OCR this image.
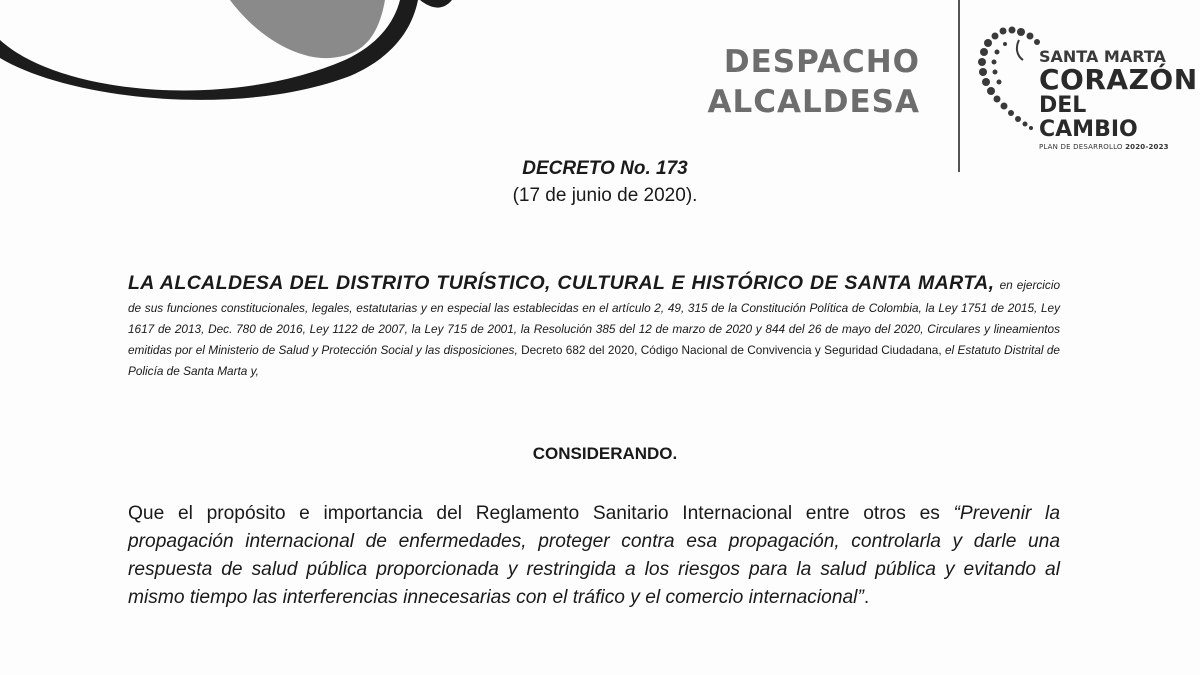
DESPACHO
ALCALDESA
SANTA MARTA
CORAZÓN
DEL CAMBIO
PLAN DE DESARROLLO 2020-2023
DECRETO No. 173
(17 de junio de 2020).
LA ALCALDESA DEL DISTRITO TURÍSTICO, CULTURAL E HISTÓRICO DE SANTA MARTA, en ejercicio de sus funciones constitucionales, legales, estatutarias y en especial las establecidas en el artículo 2, 49, 315 de la Constitución Política de Colombia, la Ley 1751 de 2015, Ley 1617 de 2013, Dec. 780 de 2016, Ley 1122 de 2007, la Ley 715 de 2001, la Resolución 385 del 12 de marzo de 2020 y 844 del 26 de mayo del 2020, Circulares y lineamientos emitidas por el Ministerio de Salud y Protección Social y las disposiciones, Decreto 682 del 2020, Código Nacional de Convivencia y Seguridad Ciudadana, el Estatuto Distrital de Policía de Santa Marta y,
CONSIDERANDO.
Que el propósito e importancia del Reglamento Sanitario Internacional entre otros es “Prevenir la propagación internacional de enfermedades, proteger contra esa propagación, controlarla y darle una respuesta de salud pública proporcionada y restringida a los riesgos para la salud pública y evitando al mismo tiempo las interferencias innecesarias con el tráfico y el comercio internacional”.
